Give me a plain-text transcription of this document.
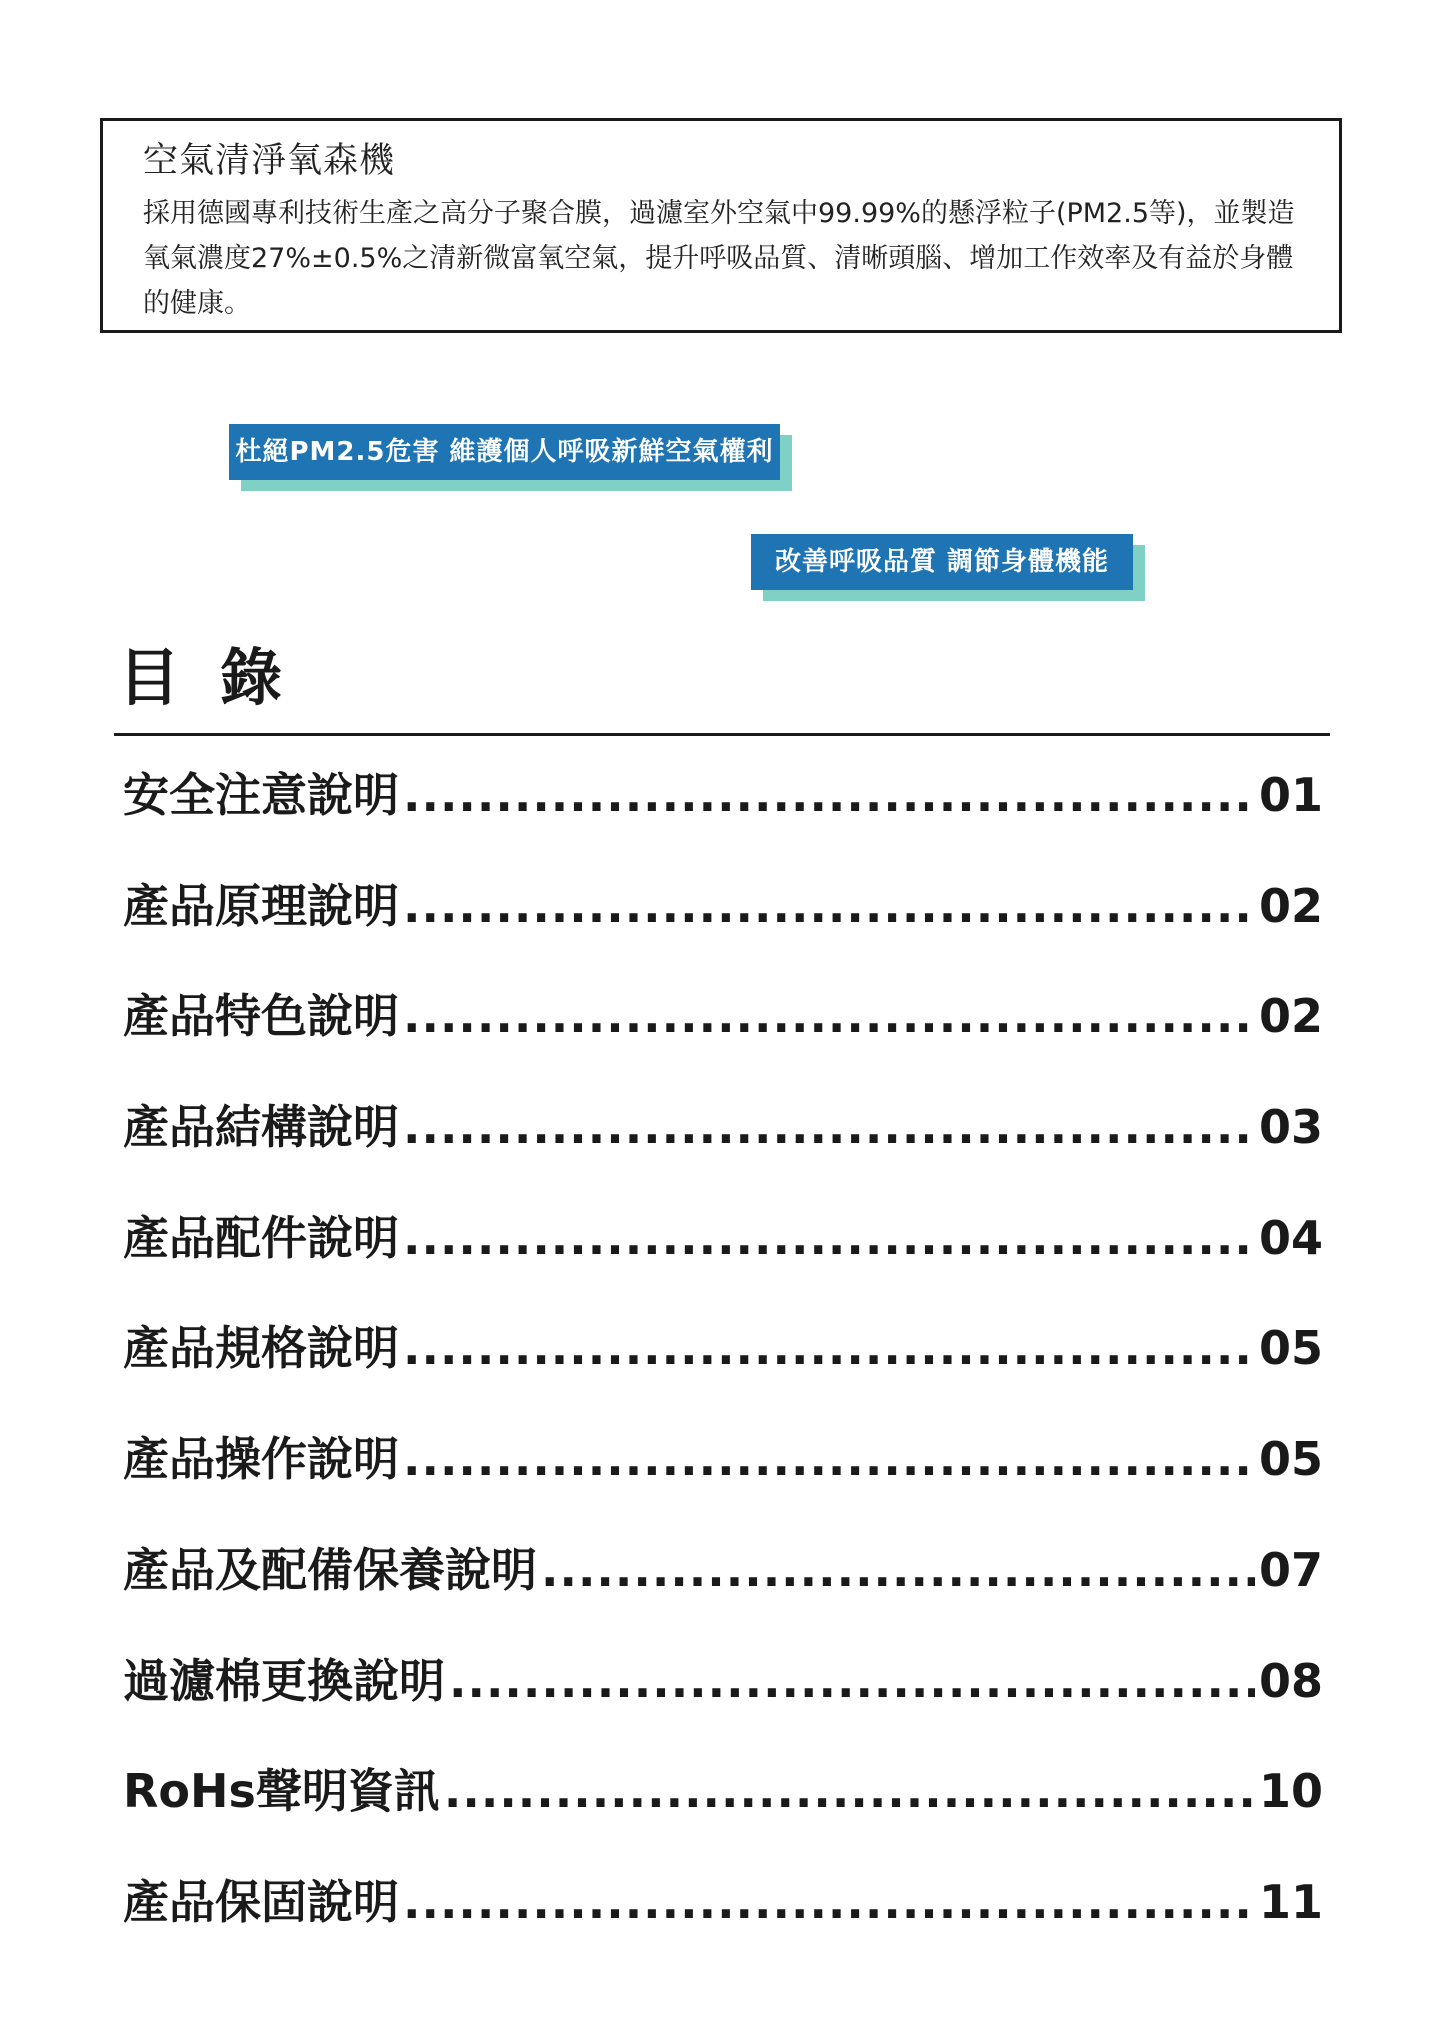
空氣清淨氧森機
採用德國專利技術生產之高分子聚合膜，過濾室外空氣中99.99%的懸浮粒子(PM2.5等)，並製造氧氣濃度27%±0.5%之清新微富氧空氣，提升呼吸品質、清晰頭腦、增加工作效率及有益於身體的健康。
杜絕PM2.5危害 維護個人呼吸新鮮空氣權利
改善呼吸品質 調節身體機能
目錄
安全注意說明 .....	01
產品原理說明 .....	02
產品特色說明 .....	02
產品結構說明 .....	03
產品配件說明 .....	04
產品規格說明 .....	05
產品操作說明 .....	05
產品及配備保養說明 .....	07
過濾棉更換說明 .....	08
RoHs聲明資訊 .....	10
產品保固說明 .....	11
